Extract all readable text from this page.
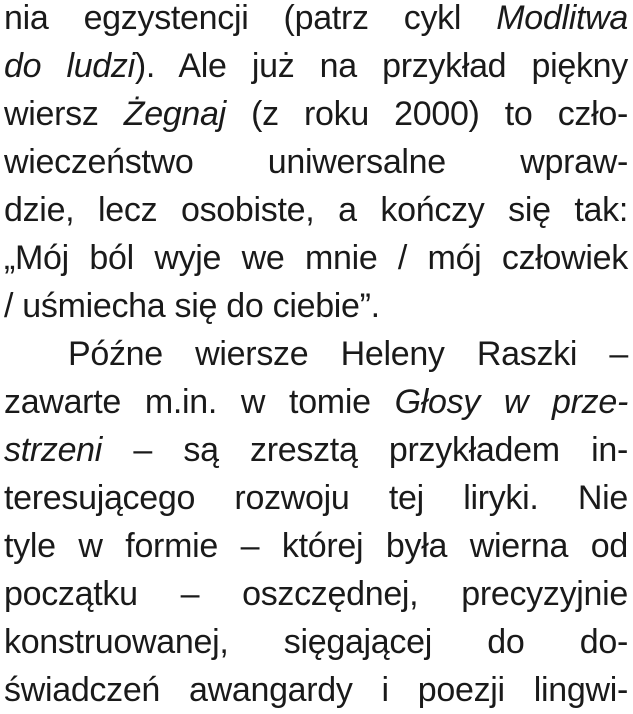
nia egzystencji (patrz cykl Modlitwa
do ludzi). Ale już na przykład piękny
wiersz Żegnaj (z roku 2000) to czło-
wieczeństwo uniwersalne wpraw-
dzie, lecz osobiste, a kończy się tak:
„Mój ból wyje we mnie / mój człowiek
/ uśmiecha się do ciebie”.
Późne wiersze Heleny Raszki –
zawarte m.in. w tomie Głosy w prze-
strzeni – są zresztą przykładem in-
teresującego rozwoju tej liryki. Nie
tyle w formie – której była wierna od
początku – oszczędnej, precyzyjnie
konstruowanej, sięgającej do do-
świadczeń awangardy i poezji lingwi-
